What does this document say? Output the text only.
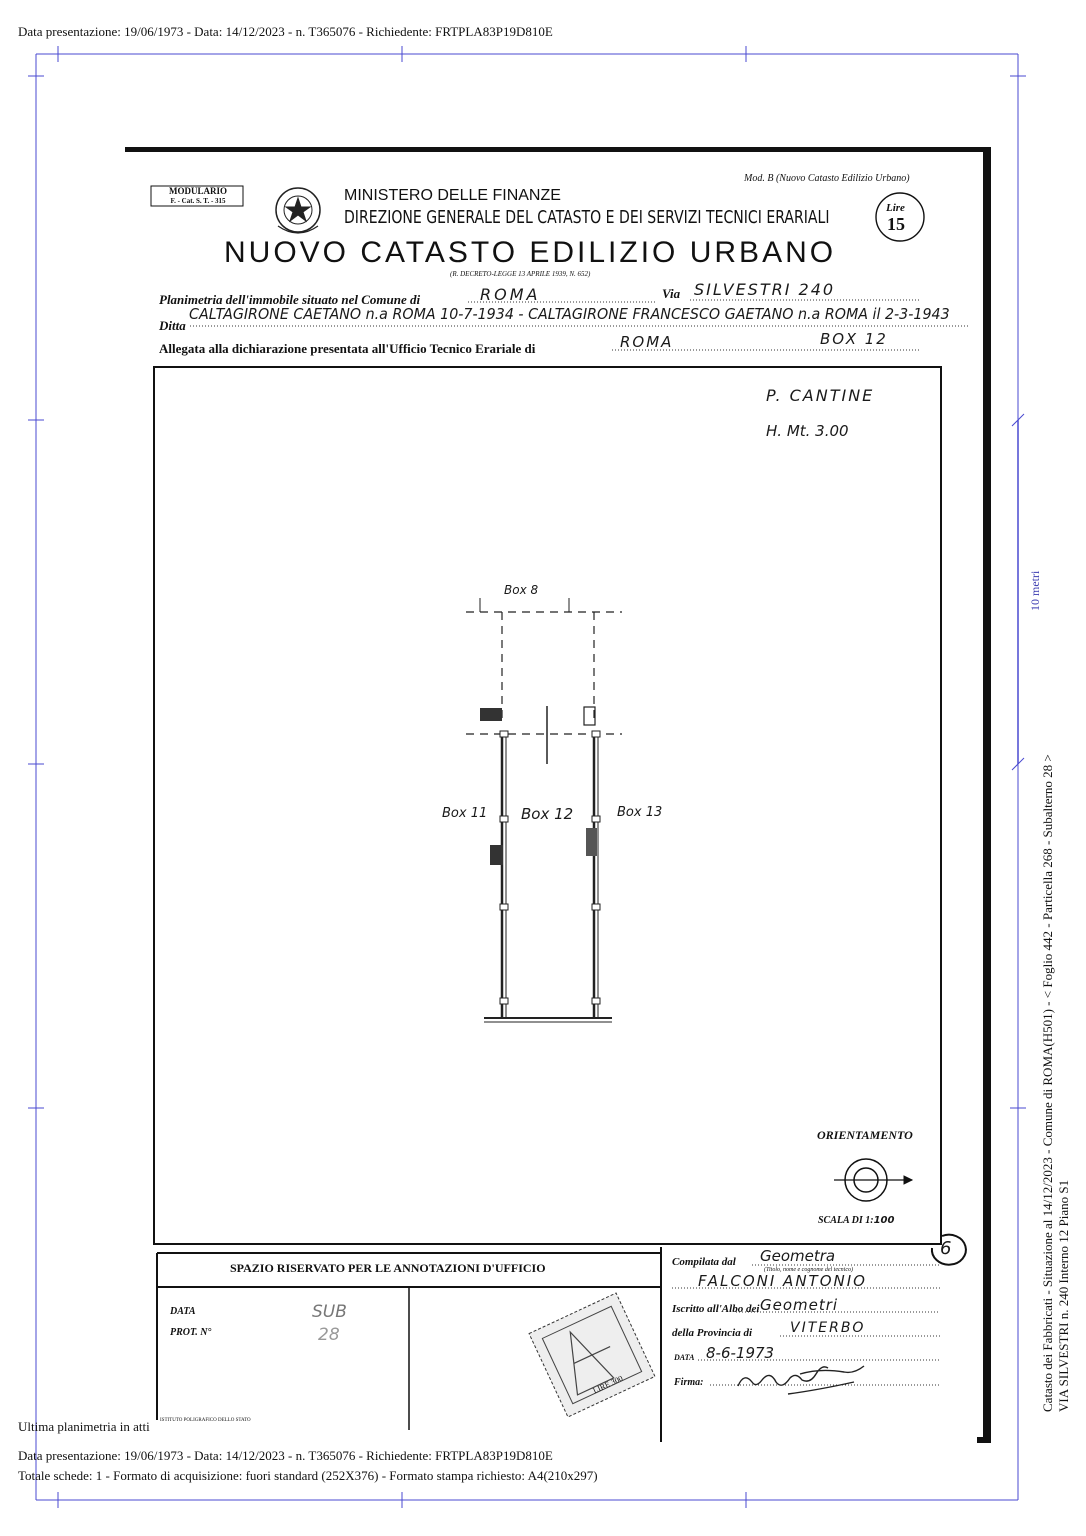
Data presentazione: 19/06/1973 - Data: 14/12/2023 - n. T365076 - Richiedente: FRTPLA83P19D810E
MODULARIO
F. - Cat. S. T. - 315
Mod. B (Nuovo Catasto Edilizio Urbano)
MINISTERO DELLE FINANZE
DIREZIONE GENERALE DEL CATASTO E DEI SERVIZI TECNICI ERARIALI	Lire
15
NUOVO CATASTO EDILIZIO URBANO
(R. DECRETO-LEGGE 13 APRILE 1939, N. 652)
Planimetria dell'immobile situato nel Comune di	ROMA	Via SILVESTRI 240
Ditta
CALTAGIRONE CAETANO n.a ROMA 10-7-1934 - CALTAGIRONE FRANCESCO GAETANO n.a ROMA il 2-3-1943
Allegata alla dichiarazione presentata all'Ufficio Tecnico Erariale di	ROMA	BOX 12
P. CANTINE
H. Mt. 3.00
Box 8
Box 11 Box 12	Box 13
ORIENTAMENTO
SCALA DI 1:100
6
SPAZIO RISERVATO PER LE ANNOTAZIONI D'UFFICIO
DATA
PROT. N°
SUB
28
ISTITUTO POLIGRAFICO DELLO STATO
LIRE 300
Compilata dal Geometra
(Titolo, nome e cognome del tecnico)
FALCONI ANTONIO
Iscritto all'Albo dei Geometri
della Provincia di	VITERBO
DATA 8-6-1973
Firma:
10 metri
Catasto dei Fabbricati - Situazione al 14/12/2023 - Comune di ROMA(H501) - < Foglio 442 - Particella 268 - Subalterno 28 > VIA SILVESTRI n. 240 Interno 12 Piano S1
Ultima planimetria in atti
Data presentazione: 19/06/1973 - Data: 14/12/2023 - n. T365076 - Richiedente: FRTPLA83P19D810E
Totale schede: 1 - Formato di acquisizione: fuori standard (252X376) - Formato stampa richiesto: A4(210x297)
